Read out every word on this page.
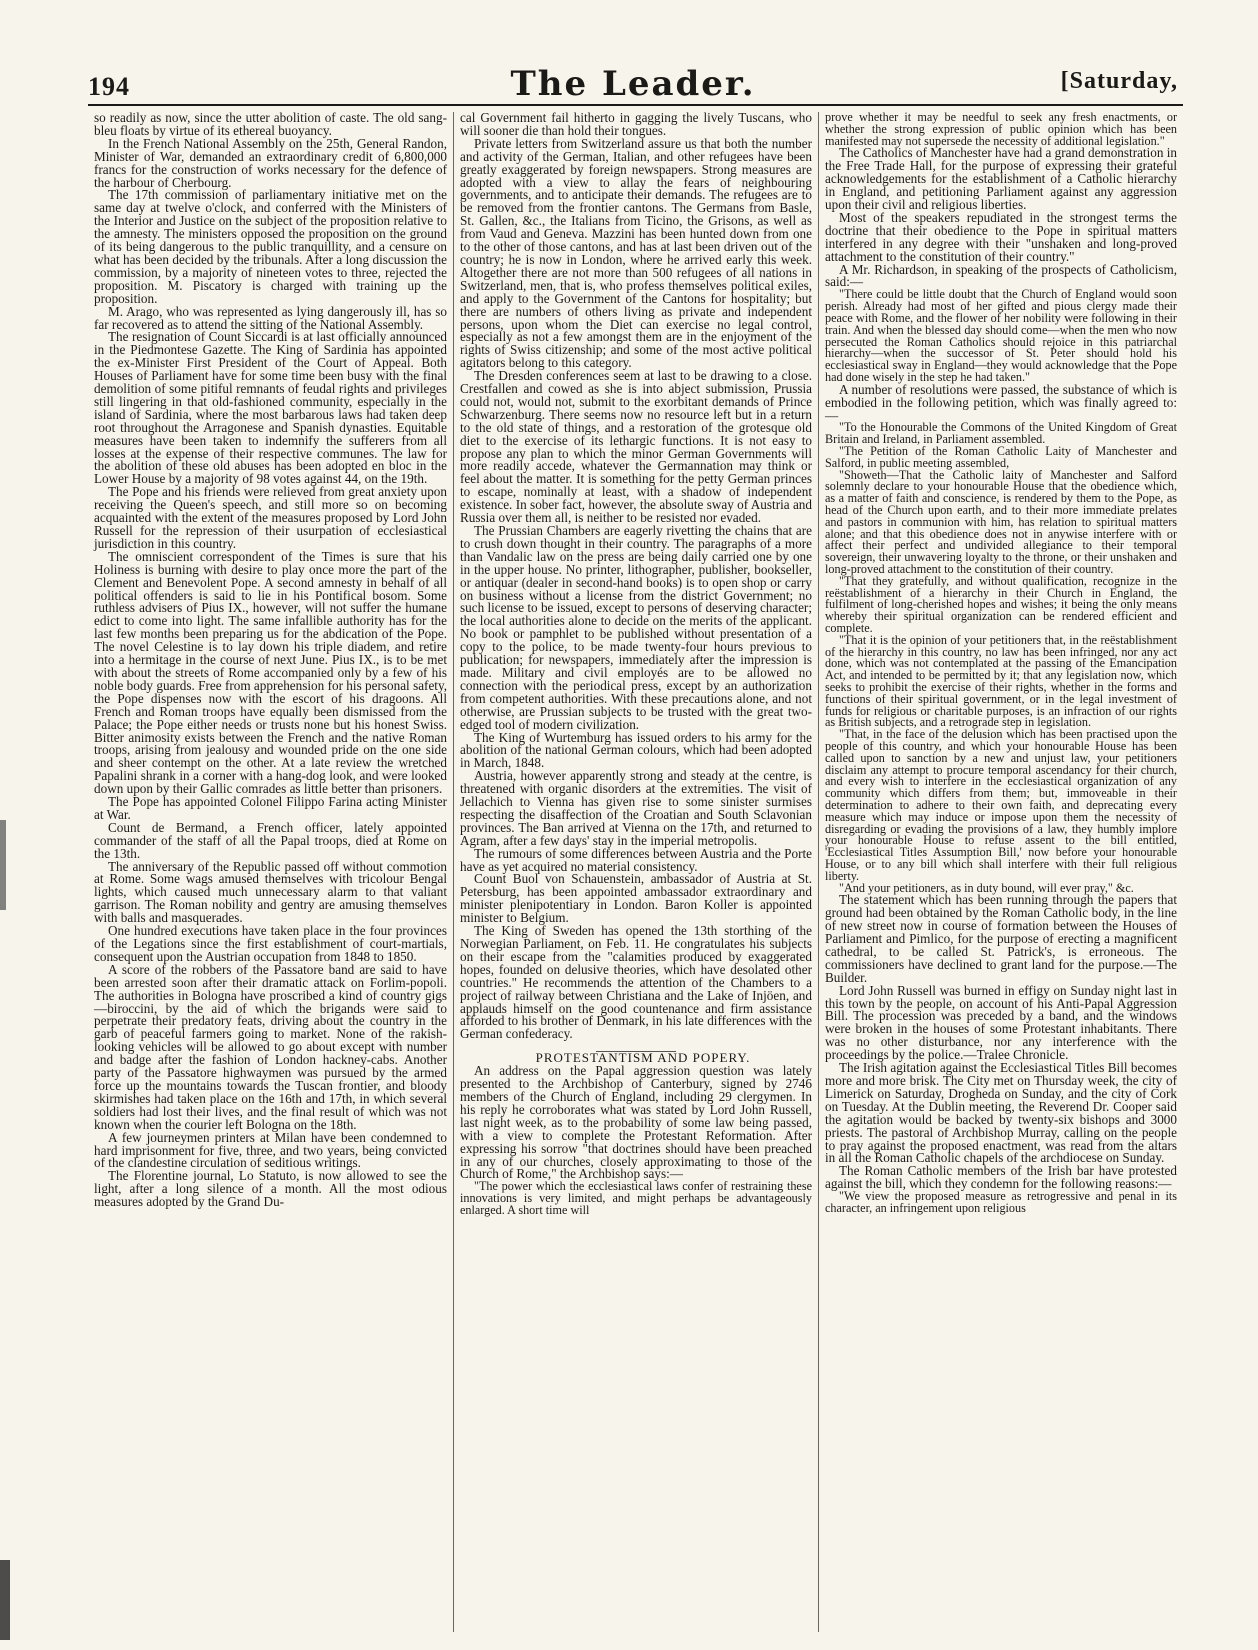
194	The Leader.	[Saturday,

so readily as now, since the utter abolition of caste. The old sang-bleu floats by virtue of its ethereal buoyancy.

In the French National Assembly on the 25th, General Randon, Minister of War, demanded an extraordinary credit of 6,800,000 francs for the construction of works necessary for the defence of the harbour of Cherbourg.

The 17th commission of parliamentary initiative met on the same day at twelve o'clock, and conferred with the Ministers of the Interior and Justice on the subject of the proposition relative to the amnesty. The ministers opposed the proposition on the ground of its being dangerous to the public tranquillity, and a censure on what has been decided by the tribunals. After a long discussion the commission, by a majority of nineteen votes to three, rejected the proposition. M. Piscatory is charged with training up the proposition.

M. Arago, who was represented as lying dangerously ill, has so far recovered as to attend the sitting of the National Assembly.

The resignation of Count Siccardi is at last officially announced in the Piedmontese Gazette. The King of Sardinia has appointed the ex-Minister First President of the Court of Appeal. Both Houses of Parliament have for some time been busy with the final demolition of some pitiful remnants of feudal rights and privileges still lingering in that old-fashioned community, especially in the island of Sardinia, where the most barbarous laws had taken deep root throughout the Arragonese and Spanish dynasties. Equitable measures have been taken to indemnify the sufferers from all losses at the expense of their respective communes. The law for the abolition of these old abuses has been adopted en bloc in the Lower House by a majority of 98 votes against 44, on the 19th.

The Pope and his friends were relieved from great anxiety upon receiving the Queen's speech, and still more so on becoming acquainted with the extent of the measures proposed by Lord John Russell for the repression of their usurpation of ecclesiastical jurisdiction in this country.

The omniscient correspondent of the Times is sure that his Holiness is burning with desire to play once more the part of the Clement and Benevolent Pope. A second amnesty in behalf of all political offenders is said to lie in his Pontifical bosom. Some ruthless advisers of Pius IX., however, will not suffer the humane edict to come into light. The same infallible authority has for the last few months been preparing us for the abdication of the Pope. The novel Celestine is to lay down his triple diadem, and retire into a hermitage in the course of next June. Pius IX., is to be met with about the streets of Rome accompanied only by a few of his noble body guards. Free from apprehension for his personal safety, the Pope dispenses now with the escort of his dragoons. All French and Roman troops have equally been dismissed from the Palace; the Pope either needs or trusts none but his honest Swiss. Bitter animosity exists between the French and the native Roman troops, arising from jealousy and wounded pride on the one side and sheer contempt on the other. At a late review the wretched Papalini shrank in a corner with a hang-dog look, and were looked down upon by their Gallic comrades as little better than prisoners.

The Pope has appointed Colonel Filippo Farina acting Minister at War.

Count de Bermand, a French officer, lately appointed commander of the staff of all the Papal troops, died at Rome on the 13th.

The anniversary of the Republic passed off without commotion at Rome. Some wags amused themselves with tricolour Bengal lights, which caused much unnecessary alarm to that valiant garrison. The Roman nobility and gentry are amusing themselves with balls and masquerades.

One hundred executions have taken place in the four provinces of the Legations since the first establishment of court-martials, consequent upon the Austrian occupation from 1848 to 1850.

A score of the robbers of the Passatore band are said to have been arrested soon after their dramatic attack on Forlim-popoli. The authorities in Bologna have proscribed a kind of country gigs—biroccini, by the aid of which the brigands were said to perpetrate their predatory feats, driving about the country in the garb of peaceful farmers going to market. None of the rakish-looking vehicles will be allowed to go about except with number and badge after the fashion of London hackney-cabs. Another party of the Passatore highwaymen was pursued by the armed force up the mountains towards the Tuscan frontier, and bloody skirmishes had taken place on the 16th and 17th, in which several soldiers had lost their lives, and the final result of which was not known when the courier left Bologna on the 18th.

A few journeymen printers at Milan have been condemned to hard imprisonment for five, three, and two years, being convicted of the clandestine circulation of seditious writings.

The Florentine journal, Lo Statuto, is now allowed to see the light, after a long silence of a month. All the most odious measures adopted by the Grand Du-

cal Government fail hitherto in gagging the lively Tuscans, who will sooner die than hold their tongues.

Private letters from Switzerland assure us that both the number and activity of the German, Italian, and other refugees have been greatly exaggerated by foreign newspapers. Strong measures are adopted with a view to allay the fears of neighbouring governments, and to anticipate their demands. The refugees are to be removed from the frontier cantons. The Germans from Basle, St. Gallen, &c., the Italians from Ticino, the Grisons, as well as from Vaud and Geneva. Mazzini has been hunted down from one to the other of those cantons, and has at last been driven out of the country; he is now in London, where he arrived early this week. Altogether there are not more than 500 refugees of all nations in Switzerland, men, that is, who profess themselves political exiles, and apply to the Government of the Cantons for hospitality; but there are numbers of others living as private and independent persons, upon whom the Diet can exercise no legal control, especially as not a few amongst them are in the enjoyment of the rights of Swiss citizenship; and some of the most active political agitators belong to this category.

The Dresden conferences seem at last to be drawing to a close. Crestfallen and cowed as she is into abject submission, Prussia could not, would not, submit to the exorbitant demands of Prince Schwarzenburg. There seems now no resource left but in a return to the old state of things, and a restoration of the grotesque old diet to the exercise of its lethargic functions. It is not easy to propose any plan to which the minor German Governments will more readily accede, whatever the Germannation may think or feel about the matter. It is something for the petty German princes to escape, nominally at least, with a shadow of independent existence. In sober fact, however, the absolute sway of Austria and Russia over them all, is neither to be resisted nor evaded.

The Prussian Chambers are eagerly rivetting the chains that are to crush down thought in their country. The paragraphs of a more than Vandalic law on the press are being daily carried one by one in the upper house. No printer, lithographer, publisher, bookseller, or antiquar (dealer in second-hand books) is to open shop or carry on business without a license from the district Government; no such license to be issued, except to persons of deserving character; the local authorities alone to decide on the merits of the applicant. No book or pamphlet to be published without presentation of a copy to the police, to be made twenty-four hours previous to publication; for newspapers, immediately after the impression is made. Military and civil employés are to be allowed no connection with the periodical press, except by an authorization from competent authorities. With these precautions alone, and not otherwise, are Prussian subjects to be trusted with the great two-edged tool of modern civilization.

The King of Wurtemburg has issued orders to his army for the abolition of the national German colours, which had been adopted in March, 1848.

Austria, however apparently strong and steady at the centre, is threatened with organic disorders at the extremities. The visit of Jellachich to Vienna has given rise to some sinister surmises respecting the disaffection of the Croatian and South Sclavonian provinces. The Ban arrived at Vienna on the 17th, and returned to Agram, after a few days' stay in the imperial metropolis.

The rumours of some differences between Austria and the Porte have as yet acquired no material consistency.

Count Buol von Schauenstein, ambassador of Austria at St. Petersburg, has been appointed ambassador extraordinary and minister plenipotentiary in London. Baron Koller is appointed minister to Belgium.

The King of Sweden has opened the 13th storthing of the Norwegian Parliament, on Feb. 11. He congratulates his subjects on their escape from the "calamities produced by exaggerated hopes, founded on delusive theories, which have desolated other countries." He recommends the attention of the Chambers to a project of railway between Christiana and the Lake of Injöen, and applauds himself on the good countenance and firm assistance afforded to his brother of Denmark, in his late differences with the German confederacy.

PROTESTANTISM AND POPERY.

An address on the Papal aggression question was lately presented to the Archbishop of Canterbury, signed by 2746 members of the Church of England, including 29 clergymen. In his reply he corroborates what was stated by Lord John Russell, last night week, as to the probability of some law being passed, with a view to complete the Protestant Reformation. After expressing his sorrow "that doctrines should have been preached in any of our churches, closely approximating to those of the Church of Rome," the Archbishop says:—

"The power which the ecclesiastical laws confer of restraining these innovations is very limited, and might perhaps be advantageously enlarged. A short time will

prove whether it may be needful to seek any fresh enactments, or whether the strong expression of public opinion which has been manifested may not supersede the necessity of additional legislation."

The Catholics of Manchester have had a grand demonstration in the Free Trade Hall, for the purpose of expressing their grateful acknowledgements for the establishment of a Catholic hierarchy in England, and petitioning Parliament against any aggression upon their civil and religious liberties.

Most of the speakers repudiated in the strongest terms the doctrine that their obedience to the Pope in spiritual matters interfered in any degree with their "unshaken and long-proved attachment to the constitution of their country."

A Mr. Richardson, in speaking of the prospects of Catholicism, said:—

"There could be little doubt that the Church of England would soon perish. Already had most of her gifted and pious clergy made their peace with Rome, and the flower of her nobility were following in their train. And when the blessed day should come—when the men who now persecuted the Roman Catholics should rejoice in this patriarchal hierarchy—when the successor of St. Peter should hold his ecclesiastical sway in England—they would acknowledge that the Pope had done wisely in the step he had taken."

A number of resolutions were passed, the substance of which is embodied in the following petition, which was finally agreed to:—

"To the Honourable the Commons of the United Kingdom of Great Britain and Ireland, in Parliament assembled.

"The Petition of the Roman Catholic Laity of Manchester and Salford, in public meeting assembled,

"Showeth—That the Catholic laity of Manchester and Salford solemnly declare to your honourable House that the obedience which, as a matter of faith and conscience, is rendered by them to the Pope, as head of the Church upon earth, and to their more immediate prelates and pastors in communion with him, has relation to spiritual matters alone; and that this obedience does not in anywise interfere with or affect their perfect and undivided allegiance to their temporal sovereign, their unwavering loyalty to the throne, or their unshaken and long-proved attachment to the constitution of their country.

"That they gratefully, and without qualification, recognize in the reëstablishment of a hierarchy in their Church in England, the fulfilment of long-cherished hopes and wishes; it being the only means whereby their spiritual organization can be rendered efficient and complete.

"That it is the opinion of your petitioners that, in the reëstablishment of the hierarchy in this country, no law has been infringed, nor any act done, which was not contemplated at the passing of the Emancipation Act, and intended to be permitted by it; that any legislation now, which seeks to prohibit the exercise of their rights, whether in the forms and functions of their spiritual government, or in the legal investment of funds for religious or charitable purposes, is an infraction of our rights as British subjects, and a retrograde step in legislation.

"That, in the face of the delusion which has been practised upon the people of this country, and which your honourable House has been called upon to sanction by a new and unjust law, your petitioners disclaim any attempt to procure temporal ascendancy for their church, and every wish to interfere in the ecclesiastical organization of any community which differs from them; but, immoveable in their determination to adhere to their own faith, and deprecating every measure which may induce or impose upon them the necessity of disregarding or evading the provisions of a law, they humbly implore your honourable House to refuse assent to the bill entitled, 'Ecclesiastical Titles Assumption Bill,' now before your honourable House, or to any bill which shall interfere with their full religious liberty.

"And your petitioners, as in duty bound, will ever pray," &c.

The statement which has been running through the papers that ground had been obtained by the Roman Catholic body, in the line of new street now in course of formation between the Houses of Parliament and Pimlico, for the purpose of erecting a magnificent cathedral, to be called St. Patrick's, is erroneous. The commissioners have declined to grant land for the purpose.—The Builder.

Lord John Russell was burned in effigy on Sunday night last in this town by the people, on account of his Anti-Papal Aggression Bill. The procession was preceded by a band, and the windows were broken in the houses of some Protestant inhabitants. There was no other disturbance, nor any interference with the proceedings by the police.—Tralee Chronicle.

The Irish agitation against the Ecclesiastical Titles Bill becomes more and more brisk. The City met on Thursday week, the city of Limerick on Saturday, Drogheda on Sunday, and the city of Cork on Tuesday. At the Dublin meeting, the Reverend Dr. Cooper said the agitation would be backed by twenty-six bishops and 3000 priests. The pastoral of Archbishop Murray, calling on the people to pray against the proposed enactment, was read from the altars in all the Roman Catholic chapels of the archdiocese on Sunday.

The Roman Catholic members of the Irish bar have protested against the bill, which they condemn for the following reasons:—

"We view the proposed measure as retrogressive and penal in its character, an infringement upon religious
